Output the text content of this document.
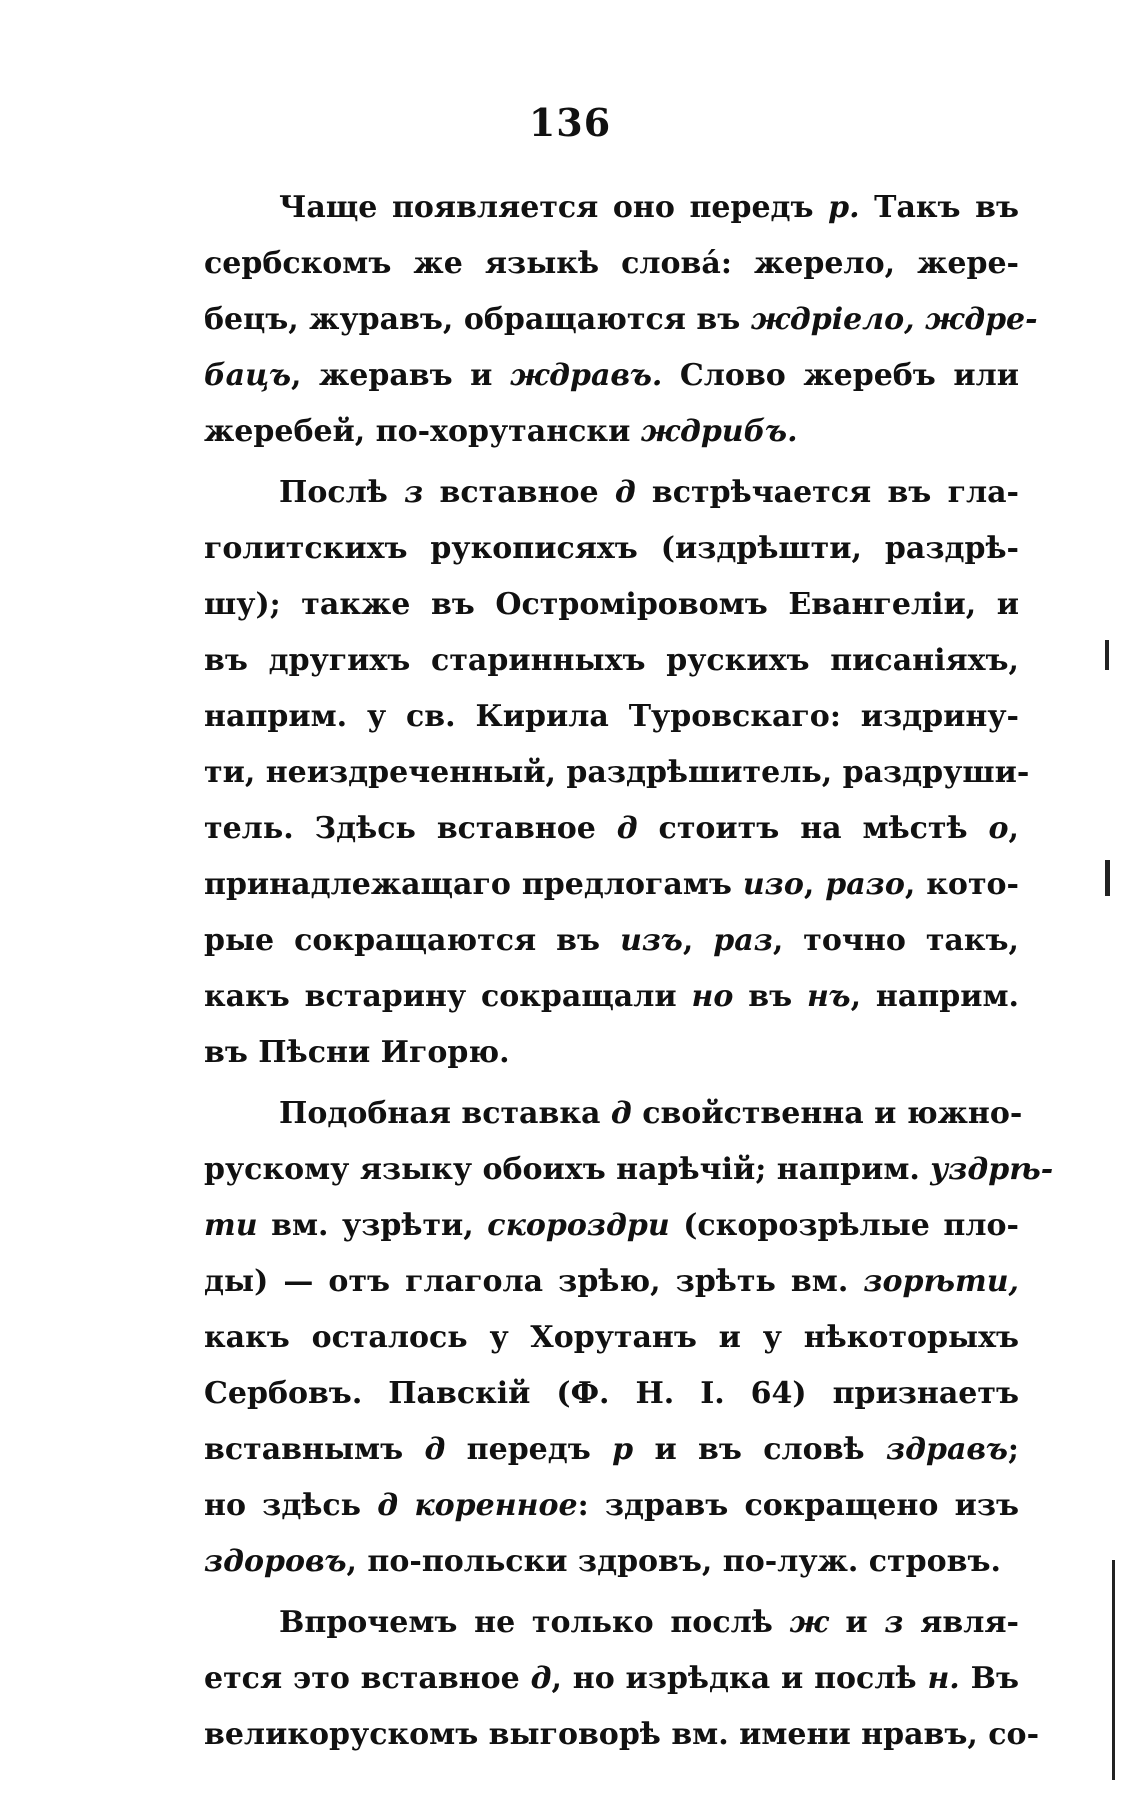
136
Чаще появляется оно передъ р. Такъ въ
сербскомъ же языкѣ слова́: жерело, жере-
бецъ, журавъ, обращаются въ ждріело, ждре-
бацъ, жеравъ и ждравъ. Слово жеребъ или
жеребей, по-хорутански ждрибъ.
Послѣ з вставное д встрѣчается въ гла-
голитскихъ рукописяхъ (издрѣшти, раздрѣ-
шу); также въ Остроміровомъ Евангеліи, и
въ другихъ старинныхъ рускихъ писаніяхъ,
наприм. у св. Кирила Туровскаго: издрину-
ти, неиздреченный, раздрѣшитель, раздруши-
тель. Здѣсь вставное д стоитъ на мѣстѣ о,
принадлежащаго предлогамъ изо, разо, кото-
рые сокращаются въ изъ, раз, точно такъ,
какъ встарину сокращали но въ нъ, наприм.
въ Пѣсни Игорю.
Подобная вставка д свойственна и южно-
рускому языку обоихъ нарѣчій; наприм. уздрѣ-
ти вм. узрѣти, скороздри (скорозрѣлые пло-
ды) — отъ глагола зрѣю, зрѣть вм. зорѣти,
какъ осталось у Хорутанъ и у нѣкоторыхъ
Сербовъ. Павскій (Ф. Н. І. 64) признаетъ
вставнымъ д передъ р и въ словѣ здравъ;
но здѣсь д коренное: здравъ сокращено изъ
здоровъ, по-польски здровъ, по-луж. стровъ.
Впрочемъ не только послѣ ж и з явля-
ется это вставное д, но изрѣдка и послѣ н. Въ
великорускомъ выговорѣ вм. имени нравъ, со-
